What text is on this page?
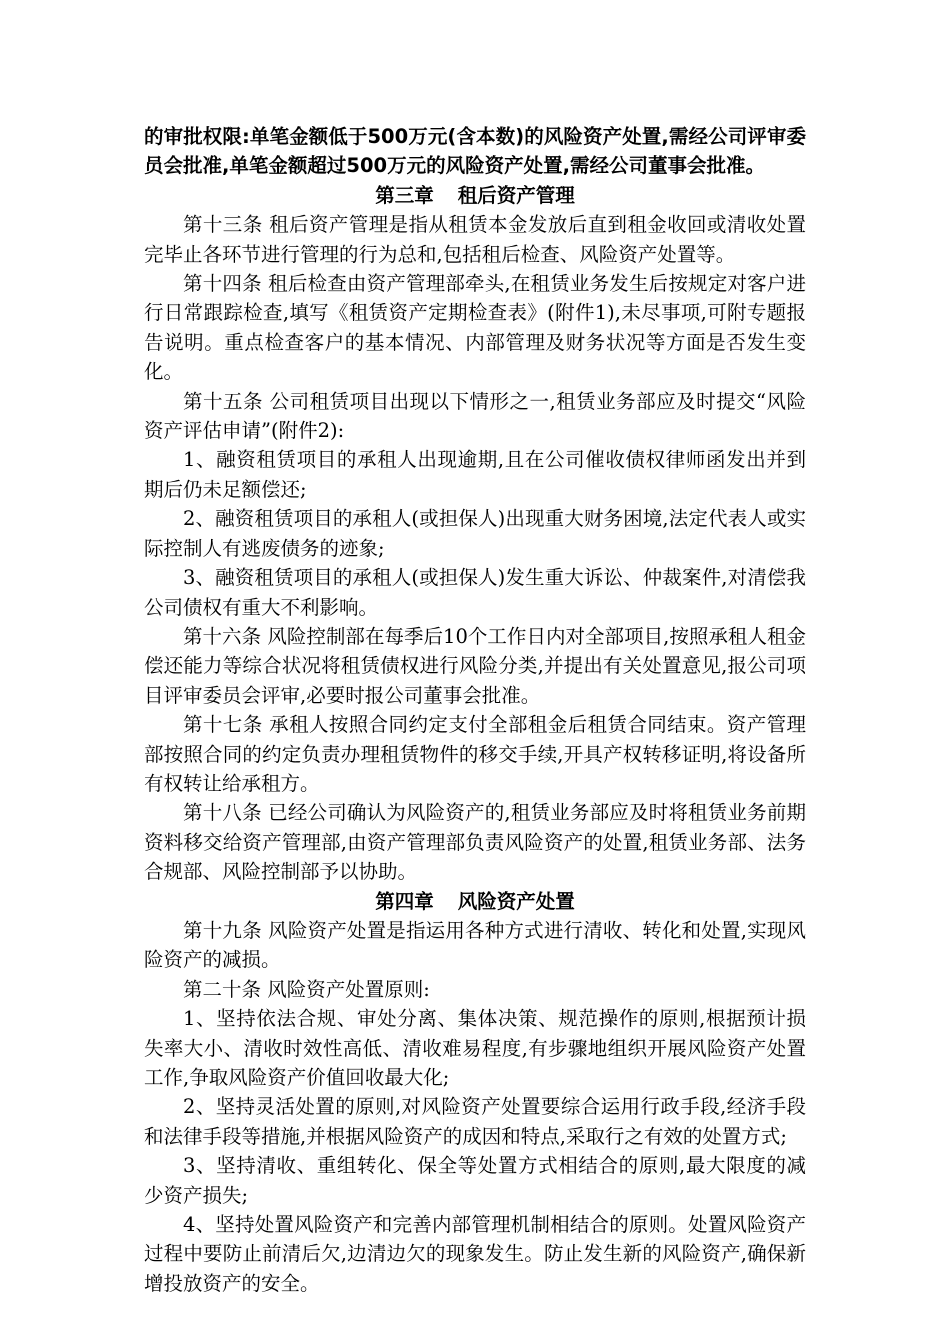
的审批权限:单笔金额低于500万元(含本数)的风险资产处置,需经公司评审委员会批准,单笔金额超过500万元的风险资产处置,需经公司董事会批准。

第三章 租后资产管理

第十三条 租后资产管理是指从租赁本金发放后直到租金收回或清收处置完毕止各环节进行管理的行为总和,包括租后检查、风险资产处置等。

第十四条 租后检查由资产管理部牵头,在租赁业务发生后按规定对客户进行日常跟踪检查,填写《租赁资产定期检查表》(附件1),未尽事项,可附专题报告说明。重点检查客户的基本情况、内部管理及财务状况等方面是否发生变化。

第十五条 公司租赁项目出现以下情形之一,租赁业务部应及时提交“风险资产评估申请”(附件2):

1、融资租赁项目的承租人出现逾期,且在公司催收债权律师函发出并到期后仍未足额偿还;

2、融资租赁项目的承租人(或担保人)出现重大财务困境,法定代表人或实际控制人有逃废债务的迹象;

3、融资租赁项目的承租人(或担保人)发生重大诉讼、仲裁案件,对清偿我公司债权有重大不利影响。

第十六条 风险控制部在每季后10个工作日内对全部项目,按照承租人租金偿还能力等综合状况将租赁债权进行风险分类,并提出有关处置意见,报公司项目评审委员会评审,必要时报公司董事会批准。

第十七条 承租人按照合同约定支付全部租金后租赁合同结束。资产管理部按照合同的约定负责办理租赁物件的移交手续,开具产权转移证明,将设备所有权转让给承租方。

第十八条 已经公司确认为风险资产的,租赁业务部应及时将租赁业务前期资料移交给资产管理部,由资产管理部负责风险资产的处置,租赁业务部、法务合规部、风险控制部予以协助。

第四章 风险资产处置

第十九条 风险资产处置是指运用各种方式进行清收、转化和处置,实现风险资产的减损。

第二十条 风险资产处置原则:

1、坚持依法合规、审处分离、集体决策、规范操作的原则,根据预计损失率大小、清收时效性高低、清收难易程度,有步骤地组织开展风险资产处置工作,争取风险资产价值回收最大化;

2、坚持灵活处置的原则,对风险资产处置要综合运用行政手段,经济手段和法律手段等措施,并根据风险资产的成因和特点,采取行之有效的处置方式;

3、坚持清收、重组转化、保全等处置方式相结合的原则,最大限度的减少资产损失;

4、坚持处置风险资产和完善内部管理机制相结合的原则。处置风险资产过程中要防止前清后欠,边清边欠的现象发生。防止发生新的风险资产,确保新增投放资产的安全。
